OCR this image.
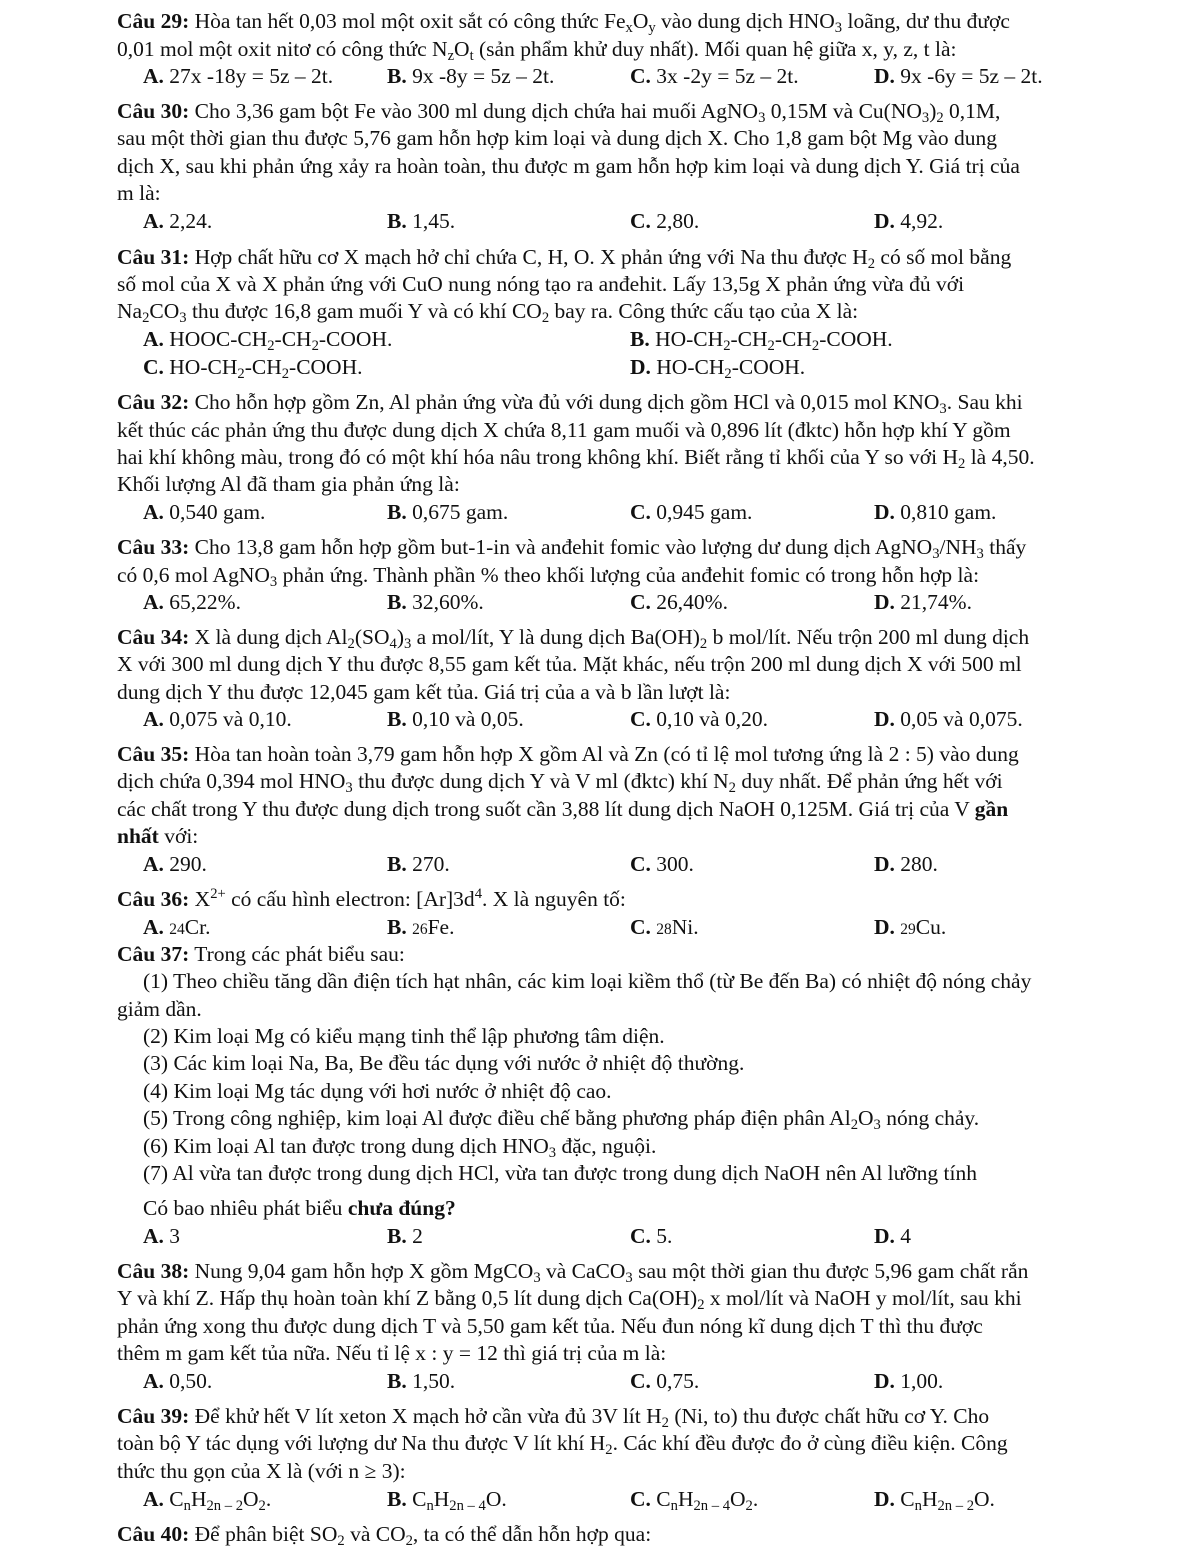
Câu 29: Hòa tan hết 0,03 mol một oxit sắt có công thức $Fe_xO_y$ vào dung dịch $HNO_3$ loãng, dư thu được
0,01 mol một oxit nitơ có công thức $N_zO_t$ (sản phẩm khử duy nhất). Mối quan hệ giữa x, y, z, t là:
A. 27x -18y = 5z – 2t.	B. 9x -8y = 5z – 2t.	C. 3x -2y = 5z – 2t.	D. 9x -6y = 5z – 2t.
Câu 30: Cho 3,36 gam bột Fe vào 300 ml dung dịch chứa hai muối AgNO$_3$ 0,15M và $Cu(NO_3)_2$ 0,1M,
sau một thời gian thu được 5,76 gam hỗn hợp kim loại và dung dịch X. Cho 1,8 gam bột Mg vào dung
dịch X, sau khi phản ứng xảy ra hoàn toàn, thu được m gam hỗn hợp kim loại và dung dịch Y. Giá trị của
m là:
A. 2,24.	B. 1,45.	C. 2,80.	D. 4,92.
Câu 31: Hợp chất hữu cơ X mạch hở chỉ chứa C, H, O. X phản ứng với Na thu được $H_2$ có số mol bằng
số mol của X và X phản ứng với CuO nung nóng tạo ra anđehit. Lấy 13,5g X phản ứng vừa đủ với
$Na_2CO_3$ thu được 16,8 gam muối Y và có khí $CO_2$ bay ra. Công thức cấu tạo của X là:
A. HOOC-$CH_2-CH_2$-COOH.	B. $HO-CH_2-CH_2-CH_2$-COOH.
C. $HO-CH_2-CH_2$-COOH.	D. $HO-CH_2$-COOH.
Câu 32: Cho hỗn hợp gồm Zn, Al phản ứng vừa đủ với dung dịch gồm HCl và 0,015 mol $KNO_3$. Sau khi
kết thúc các phản ứng thu được dung dịch X chứa 8,11 gam muối và 0,896 lít (đktc) hỗn hợp khí Y gồm
hai khí không màu, trong đó có một khí hóa nâu trong không khí. Biết rằng tỉ khối của Y so với $H_2$ là 4,50.
Khối lượng Al đã tham gia phản ứng là:
A. 0,540 gam.	B. 0,675 gam.	C. 0,945 gam.	D. 0,810 gam.
Câu 33: Cho 13,8 gam hỗn hợp gồm but-1-in và anđehit fomic vào lượng dư dung dịch $AgNO_3/NH_3$ thấy
có 0,6 mol AgNO$_3$ phản ứng. Thành phần % theo khối lượng của anđehit fomic có trong hỗn hợp là:
A. 65,22%.	B. 32,60%.	C. 26,40%.	D. 21,74%.
Câu 34: X là dung dịch $Al_2(SO_4)_3$ a mol/lít, Y là dung dịch $Ba(OH)_2$ b mol/lít. Nếu trộn 200 ml dung dịch
X với 300 ml dung dịch Y thu được 8,55 gam kết tủa. Mặt khác, nếu trộn 200 ml dung dịch X với 500 ml
dung dịch Y thu được 12,045 gam kết tủa. Giá trị của a và b lần lượt là:
A. 0,075 và 0,10.	B. 0,10 và 0,05.	C. 0,10 và 0,20.	D. 0,05 và 0,075.
Câu 35: Hòa tan hoàn toàn 3,79 gam hỗn hợp X gồm Al và Zn (có tỉ lệ mol tương ứng là 2 : 5) vào dung
dịch chứa 0,394 mol $HNO_3$ thu được dung dịch Y và V ml (đktc) khí $N_2$ duy nhất. Để phản ứng hết với
các chất trong Y thu được dung dịch trong suốt cần 3,88 lít dung dịch NaOH 0,125M. Giá trị của V gần
nhất với:
A. 290.	B. 270.	C. 300.	D. 280.
Câu 36: $X^{2+}$ có cấu hình electron: $[Ar]3d^4$. X là nguyên tố:
A. 24Cr.	B. 26Fe.	C. 28Ni.	D. 29Cu.
Câu 37: Trong các phát biểu sau:
(1) Theo chiều tăng dần điện tích hạt nhân, các kim loại kiềm thổ (từ Be đến Ba) có nhiệt độ nóng chảy
giảm dần.
(2) Kim loại Mg có kiểu mạng tinh thể lập phương tâm diện.
(3) Các kim loại Na, Ba, Be đều tác dụng với nước ở nhiệt độ thường.
(4) Kim loại Mg tác dụng với hơi nước ở nhiệt độ cao.
(5) Trong công nghiệp, kim loại Al được điều chế bằng phương pháp điện phân $Al_2O_3$ nóng chảy.
(6) Kim loại Al tan được trong dung dịch $HNO_3$ đặc, nguội.
(7) Al vừa tan được trong dung dịch HCl, vừa tan được trong dung dịch NaOH nên Al lưỡng tính
Có bao nhiêu phát biểu chưa đúng?
A. 3	B. 2	C. 5.	D. 4
Câu 38: Nung 9,04 gam hỗn hợp X gồm MgCO$_3$ và CaCO$_3$ sau một thời gian thu được 5,96 gam chất rắn
Y và khí Z. Hấp thụ hoàn toàn khí Z bằng 0,5 lít dung dịch $Ca(OH)_2$ x mol/lít và NaOH y mol/lít, sau khi
phản ứng xong thu được dung dịch T và 5,50 gam kết tủa. Nếu đun nóng kĩ dung dịch T thì thu được
thêm m gam kết tủa nữa. Nếu tỉ lệ x : y = 12 thì giá trị của m là:
A. 0,50.	B. 1,50.	C. 0,75.	D. 1,00.
Câu 39: Để khử hết V lít xeton X mạch hở cần vừa đủ 3V lít $H_2$ (Ni, to) thu được chất hữu cơ Y. Cho
toàn bộ Y tác dụng với lượng dư Na thu được V lít khí $H_2$. Các khí đều được đo ở cùng điều kiện. Công
thức thu gọn của X là (với n ≥ 3):
A. $C_nH_{2n - 2}O_2$.	B. $C_nH_{2n - 4}O$.	C. $C_nH_{2n - 4}O_2$.	D. $C_nH_{2n - 2}O$.
Câu 40: Để phân biệt $SO_2$ và $CO_2$, ta có thể dẫn hỗn hợp qua:
